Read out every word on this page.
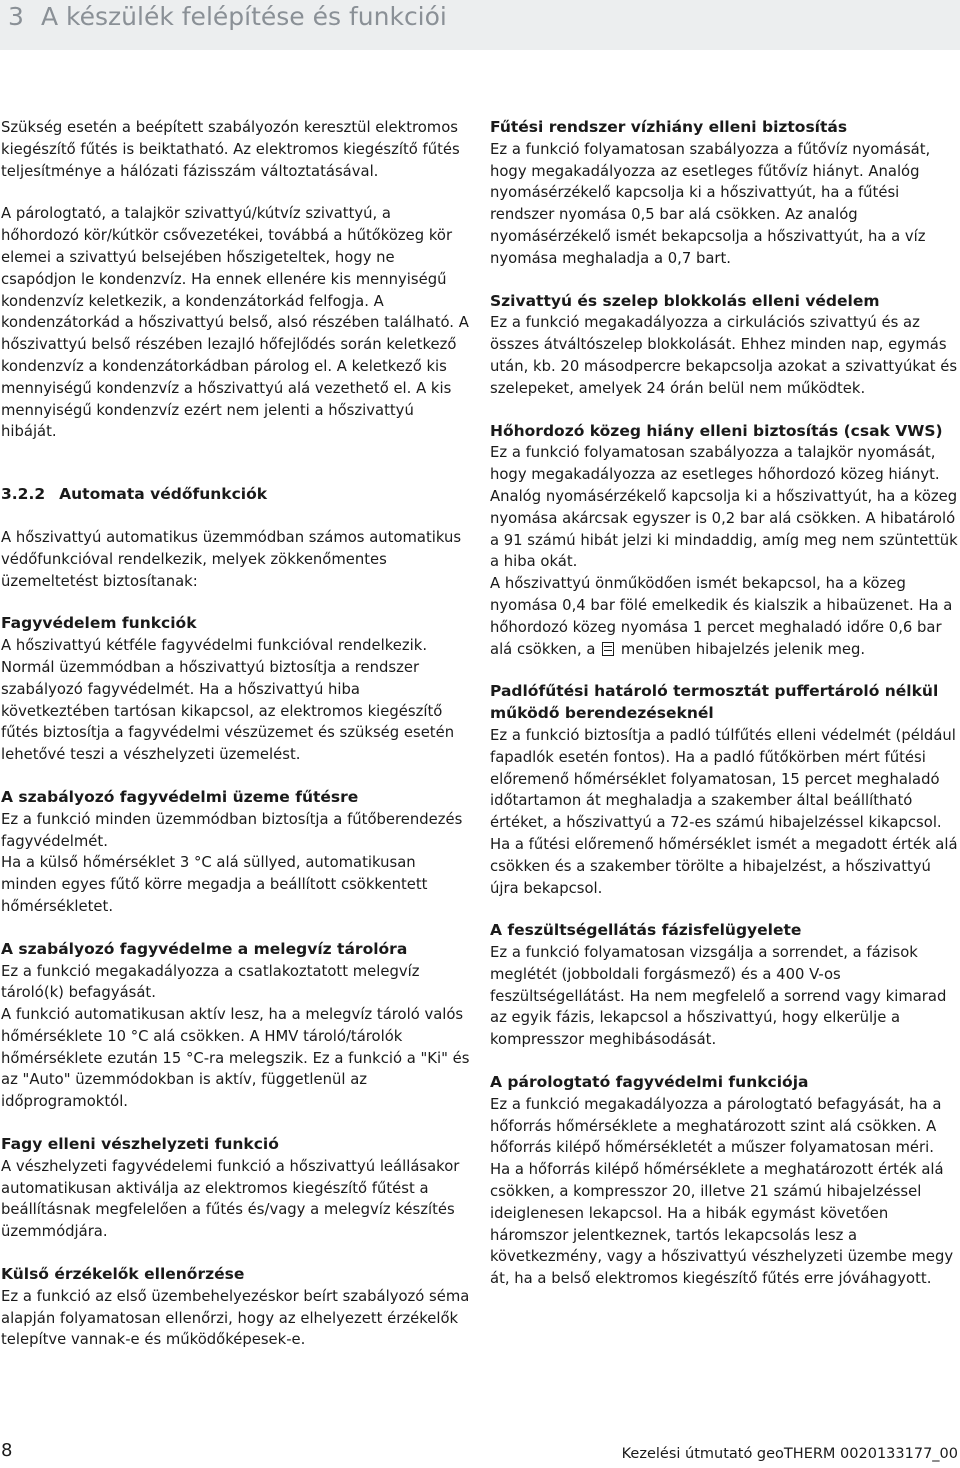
3 A készülék felépítése és funkciói

Szükség esetén a beépített szabályozón keresztül elektromos kiegészítő fűtés is beiktatható. Az elektromos kiegészítő fűtés teljesítménye a hálózati fázisszám változtatásával.

A párologtató, a talajkör szivattyú/kútvíz szivattyú, a hőhordozó kör/kútkör csővezetékei, továbbá a hűtőközeg kör elemei a szivattyú belsejében hőszigeteltek, hogy ne csapódjon le kondenzvíz. Ha ennek ellenére kis mennyiségű kondenzvíz keletkezik, a kondenzátorkád felfogja. A kondenzátorkád a hőszivattyú belső, alsó részében található. A hőszivattyú belső részében lezajló hőfejlődés során keletkező kondenzvíz a kondenzátorkádban párolog el. A keletkező kis mennyiségű kondenzvíz a hőszivattyú alá vezethető el. A kis mennyiségű kondenzvíz ezért nem jelenti a hőszivattyú hibáját.

3.2.2 Automata védőfunkciók

A hőszivattyú automatikus üzemmódban számos automatikus védőfunkcióval rendelkezik, melyek zökkenőmentes üzemeltetést biztosítanak:

Fagyvédelem funkciók

A hőszivattyú kétféle fagyvédelmi funkcióval rendelkezik. Normál üzemmódban a hőszivattyú biztosítja a rendszer szabályozó fagyvédelmét. Ha a hőszivattyú hiba következtében tartósan kikapcsol, az elektromos kiegészítő fűtés biztosítja a fagyvédelmi vészüzemet és szükség esetén lehetővé teszi a vészhelyzeti üzemelést.

A szabályozó fagyvédelmi üzeme fűtésre

Ez a funkció minden üzemmódban biztosítja a fűtőberendezés fagyvédelmét.

Ha a külső hőmérséklet 3 °C alá süllyed, automatikusan minden egyes fűtő körre megadja a beállított csökkentett hőmérsékletet.

A szabályozó fagyvédelme a melegvíz tárolóra

Ez a funkció megakadályozza a csatlakoztatott melegvíz tároló(k) befagyását.

A funkció automatikusan aktív lesz, ha a melegvíz tároló valós hőmérséklete 10 °C alá csökken. A HMV tároló/tárolók hőmérséklete ezután 15 °C-ra melegszik. Ez a funkció a "Ki" és az "Auto" üzemmódokban is aktív, függetlenül az időprogramoktól.

Fagy elleni vészhelyzeti funkció

A vészhelyzeti fagyvédelemi funkció a hőszivattyú leállásakor automatikusan aktiválja az elektromos kiegészítő fűtést a beállításnak megfelelően a fűtés és/vagy a melegvíz készítés üzemmódjára.

Külső érzékelők ellenőrzése

Ez a funkció az első üzembehelyezéskor beírt szabályozó séma alapján folyamatosan ellenőrzi, hogy az elhelyezett érzékelők telepítve vannak-e és működőképesek-e.

Fűtési rendszer vízhiány elleni biztosítás

Ez a funkció folyamatosan szabályozza a fűtővíz nyomását, hogy megakadályozza az esetleges fűtővíz hiányt. Analóg nyomásérzékelő kapcsolja ki a hőszivattyút, ha a fűtési rendszer nyomása 0,5 bar alá csökken. Az analóg nyomásérzékelő ismét bekapcsolja a hőszivattyút, ha a víz nyomása meghaladja a 0,7 bart.

Szivattyú és szelep blokkolás elleni védelem

Ez a funkció megakadályozza a cirkulációs szivattyú és az összes átváltószelep blokkolását. Ehhez minden nap, egymás után, kb. 20 másodpercre bekapcsolja azokat a szivattyúkat és szelepeket, amelyek 24 órán belül nem működtek.

Hőhordozó közeg hiány elleni biztosítás (csak VWS)

Ez a funkció folyamatosan szabályozza a talajkör nyomását, hogy megakadályozza az esetleges hőhordozó közeg hiányt. Analóg nyomásérzékelő kapcsolja ki a hőszivattyút, ha a közeg nyomása akárcsak egyszer is 0,2 bar alá csökken. A hibatároló a 91 számú hibát jelzi ki mindaddig, amíg meg nem szüntettük a hiba okát.

A hőszivattyú önműködően ismét bekapcsol, ha a közeg nyomása 0,4 bar fölé emelkedik és kialszik a hibaüzenet. Ha a hőhordozó közeg nyomása 1 percet meghaladó időre 0,6 bar alá csökken, a menüben hibajelzés jelenik meg.

Padlófűtési határoló termosztát puffertároló nélkül működő berendezéseknél

Ez a funkció biztosítja a padló túlfűtés elleni védelmét (például fapadlók esetén fontos). Ha a padló fűtőkörben mért fűtési előremenő hőmérséklet folyamatosan, 15 percet meghaladó időtartamon át meghaladja a szakember által beállítható értéket, a hőszivattyú a 72-es számú hibajelzéssel kikapcsol. Ha a fűtési előremenő hőmérséklet ismét a megadott érték alá csökken és a szakember törölte a hibajelzést, a hőszivattyú újra bekapcsol.

A feszültségellátás fázisfelügyelete

Ez a funkció folyamatosan vizsgálja a sorrendet, a fázisok meglétét (jobboldali forgásmező) és a 400 V-os feszültségellátást. Ha nem megfelelő a sorrend vagy kimarad az egyik fázis, lekapcsol a hőszivattyú, hogy elkerülje a kompresszor meghibásodását.

A párologtató fagyvédelmi funkciója

Ez a funkció megakadályozza a párologtató befagyását, ha a hőforrás hőmérséklete a meghatározott szint alá csökken. A hőforrás kilépő hőmérsékletét a műszer folyamatosan méri. Ha a hőforrás kilépő hőmérséklete a meghatározott érték alá csökken, a kompresszor 20, illetve 21 számú hibajelzéssel ideiglenesen lekapcsol. Ha a hibák egymást követően háromszor jelentkeznek, tartós lekapcsolás lesz a következmény, vagy a hőszivattyú vészhelyzeti üzembe megy át, ha a belső elektromos kiegészítő fűtés erre jóváhagyott.

8	Kezelési útmutató geoTHERM 0020133177_00
